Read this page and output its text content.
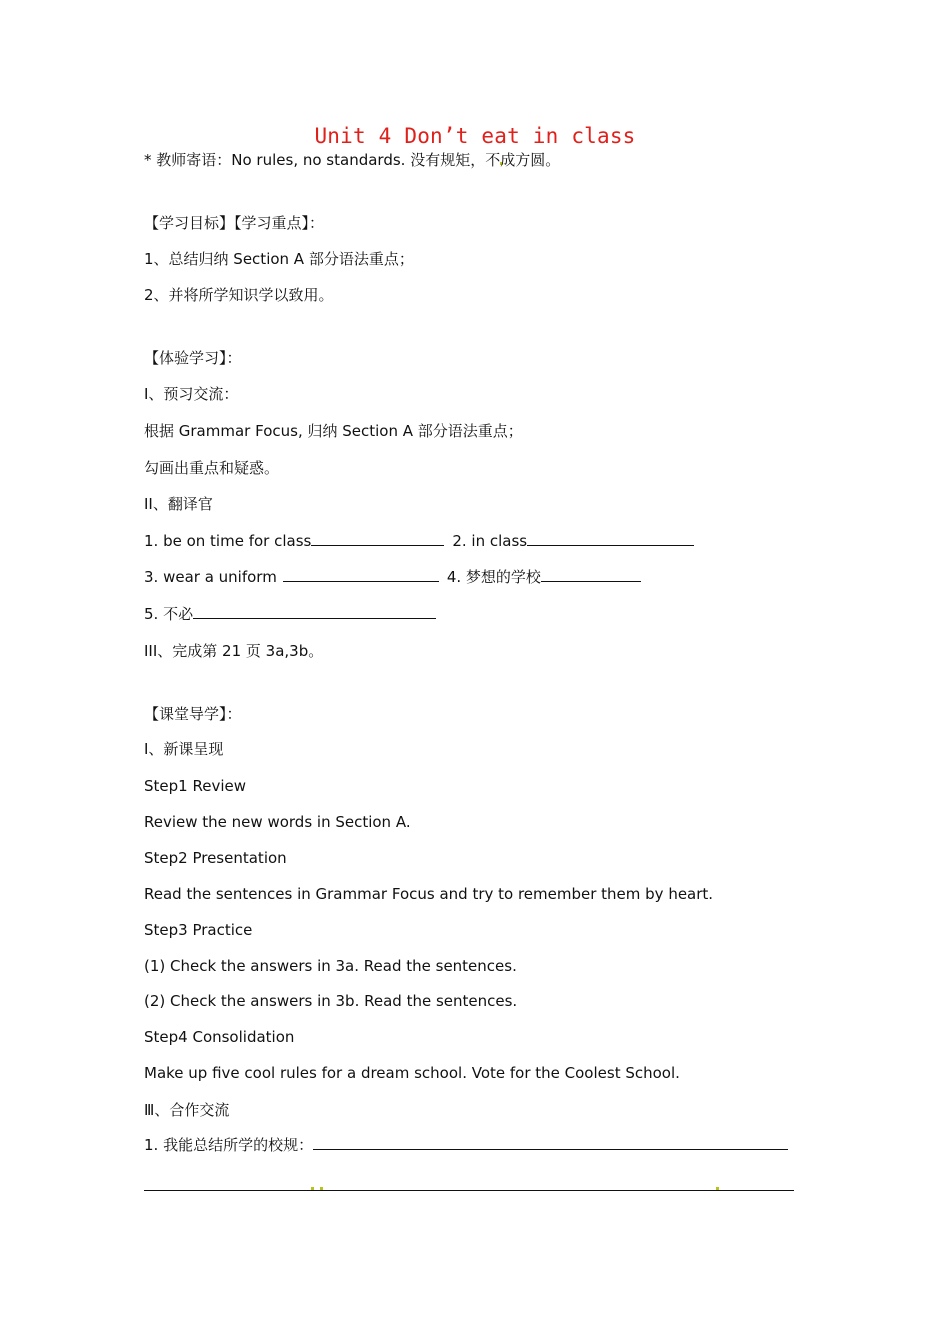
Unit 4 Don’t eat in class
* 教师寄语：No rules, no standards. 没有规矩，不成方圆。
【学习目标】【学习重点】：
1、总结归纳 Section A 部分语法重点；
2、并将所学知识学以致用。
【体验学习】：
I、预习交流：
根据 Grammar Focus, 归纳 Section A 部分语法重点；
勾画出重点和疑惑。
II、翻译官
1. be on time for class	2. in class
3. wear a uniform	4. 梦想的学校
5. 不必
III、完成第 21 页 3a,3b。
【课堂导学】：
I、新课呈现
Step1 Review
Review the new words in Section A.
Step2 Presentation
Read the sentences in Grammar Focus and try to remember them by heart.
Step3 Practice
(1) Check the answers in 3a. Read the sentences.
(2) Check the answers in 3b. Read the sentences.
Step4 Consolidation
Make up five cool rules for a dream school. Vote for the Coolest School.
Ⅲ、合作交流
1. 我能总结所学的校规：
